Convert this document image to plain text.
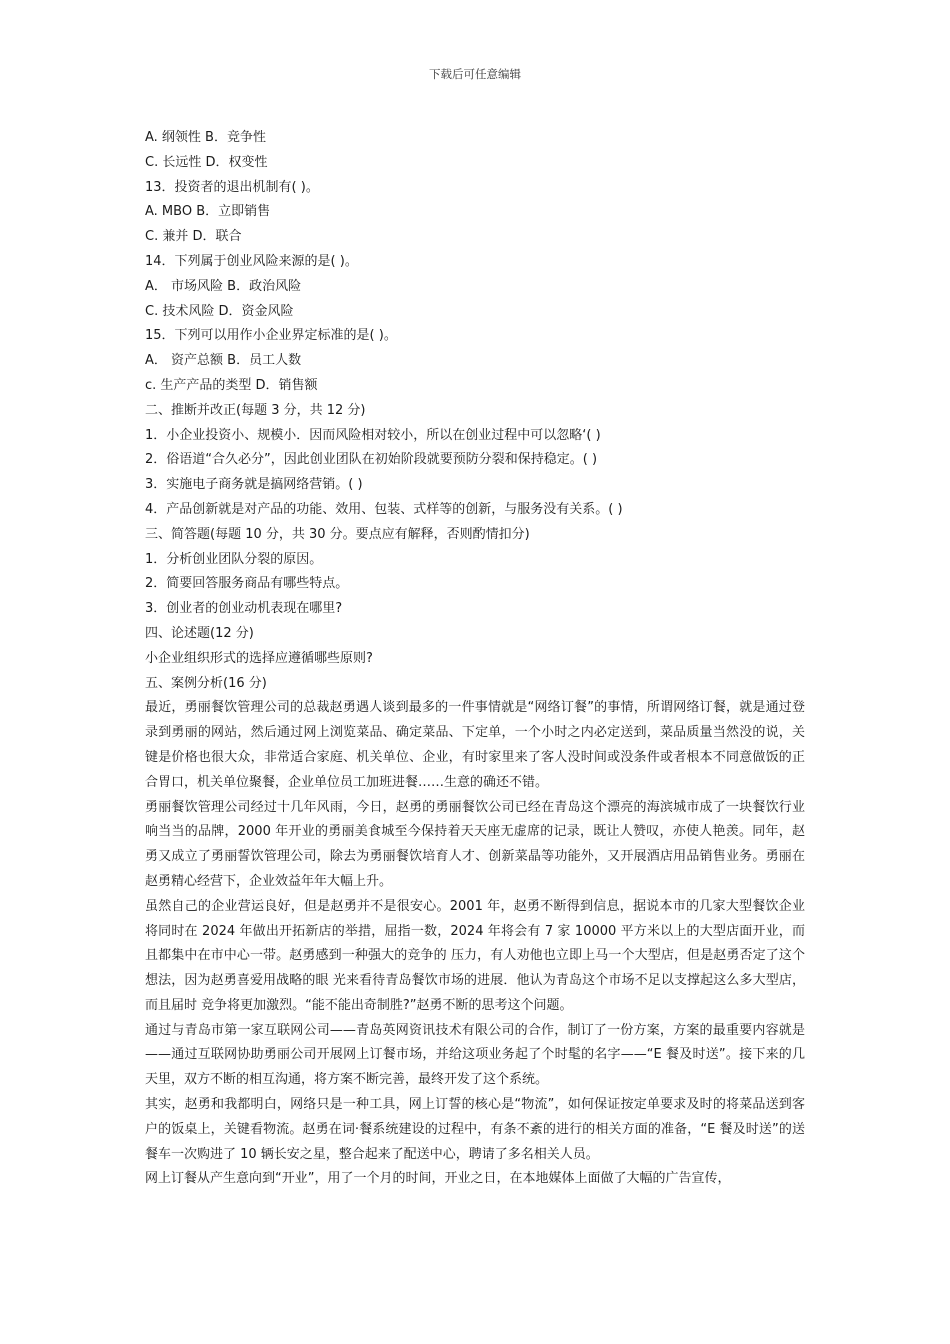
下载后可任意编辑
A. 纲领性 B．竞争性
C. 长远性 D．权变性
13．投资者的退出机制有( )。
A. MBO B．立即销售
C. 兼并 D．联合
14．下列属于创业风险来源的是( )。
A． 市场风险 B．政治风险
C. 技术风险 D．资金风险
15．下列可以用作小企业界定标准的是( )。
A． 资产总额 B．员工人数
c. 生产产品的类型 D．销售额
二、推断并改正(每题 3 分，共 12 分)
1．小企业投资小、规模小．因而风险相对较小，所以在创业过程中可以忽略‘( )
2．俗语道“合久必分”，因此创业团队在初始阶段就要预防分裂和保持稳定。( )
3．实施电子商务就是搞网络营销。( )
4．产品创新就是对产品的功能、效用、包装、式样等的创新，与服务没有关系。( )
三、简答题(每题 10 分，共 30 分。要点应有解释，否则酌情扣分)
1．分析创业团队分裂的原因。
2．简要回答服务商品有哪些特点。
3．创业者的创业动机表现在哪里?
四、论述题(12 分)
小企业组织形式的选择应遵循哪些原则?
五、案例分析(16 分)

最近，勇丽餐饮管理公司的总裁赵勇遇人谈到最多的一件事情就是“网络订餐”的事情，所谓网络订餐，就是通过登录到勇丽的网站，然后通过网上浏览菜品、确定菜品、下定单，一个小时之内必定送到，菜品质量当然没的说，关键是价格也很大众，非常适合家庭、机关单位、企业，有时家里来了客人没时间或没条件或者根本不同意做饭的正合胃口，机关单位聚餐，企业单位员工加班进餐……生意的确还不错。

勇丽餐饮管理公司经过十几年风雨，今日，赵勇的勇丽餐饮公司已经在青岛这个漂亮的海滨城市成了一块餐饮行业响当当的品牌，2000 年开业的勇丽美食城至今保持着天天座无虚席的记录，既让人赞叹，亦使人艳羡。同年，赵勇又成立了勇丽誓饮管理公司，除去为勇丽餐饮培育人才、创新菜晶等功能外，又开展酒店用品销售业务。勇丽在赵勇精心经营下，企业效益年年大幅上升。

虽然自己的企业营运良好，但是赵勇并不是很安心。2001 年，赵勇不断得到信息，据说本市的几家大型餐饮企业将同时在 2024 年做出开拓新店的举措，屈指一数，2024 年将会有 7 家 10000 平方米以上的大型店面开业，而且都集中在市中心一带。赵勇感到一种强大的竞争的 压力，有人劝他也立即上马一个大型店，但是赵勇否定了这个想法，因为赵勇喜爱用战略的眼 光来看待青岛餐饮市场的进展．他认为青岛这个市场不足以支撑起这么多大型店，而且届时 竞争将更加激烈。“能不能出奇制胜?”赵勇不断的思考这个问题。

通过与青岛市第一家互联网公司——青岛英网资讯技术有限公司的合作，制订了一份方案，方案的最重要内容就是——通过互联网协助勇丽公司开展网上订餐市场，并给这项业务起了个时髦的名字——“E 餐及时送”。接下来的几天里，双方不断的相互沟通，将方案不断完善，最终开发了这个系统。

其实，赵勇和我都明白，网络只是一种工具，网上订誓的核心是“物流”，如何保证按定单要求及时的将菜品送到客户的饭桌上，关键看物流。赵勇在词·餐系统建设的过程中，有条不紊的进行的相关方面的准备，“E 餐及时送”的送餐车一次购进了 10 辆长安之星，整合起来了配送中心，聘请了多名相关人员。

网上订餐从产生意向到“开业”，用了一个月的时间，开业之日，在本地媒体上面做了大幅的广告宣传，
